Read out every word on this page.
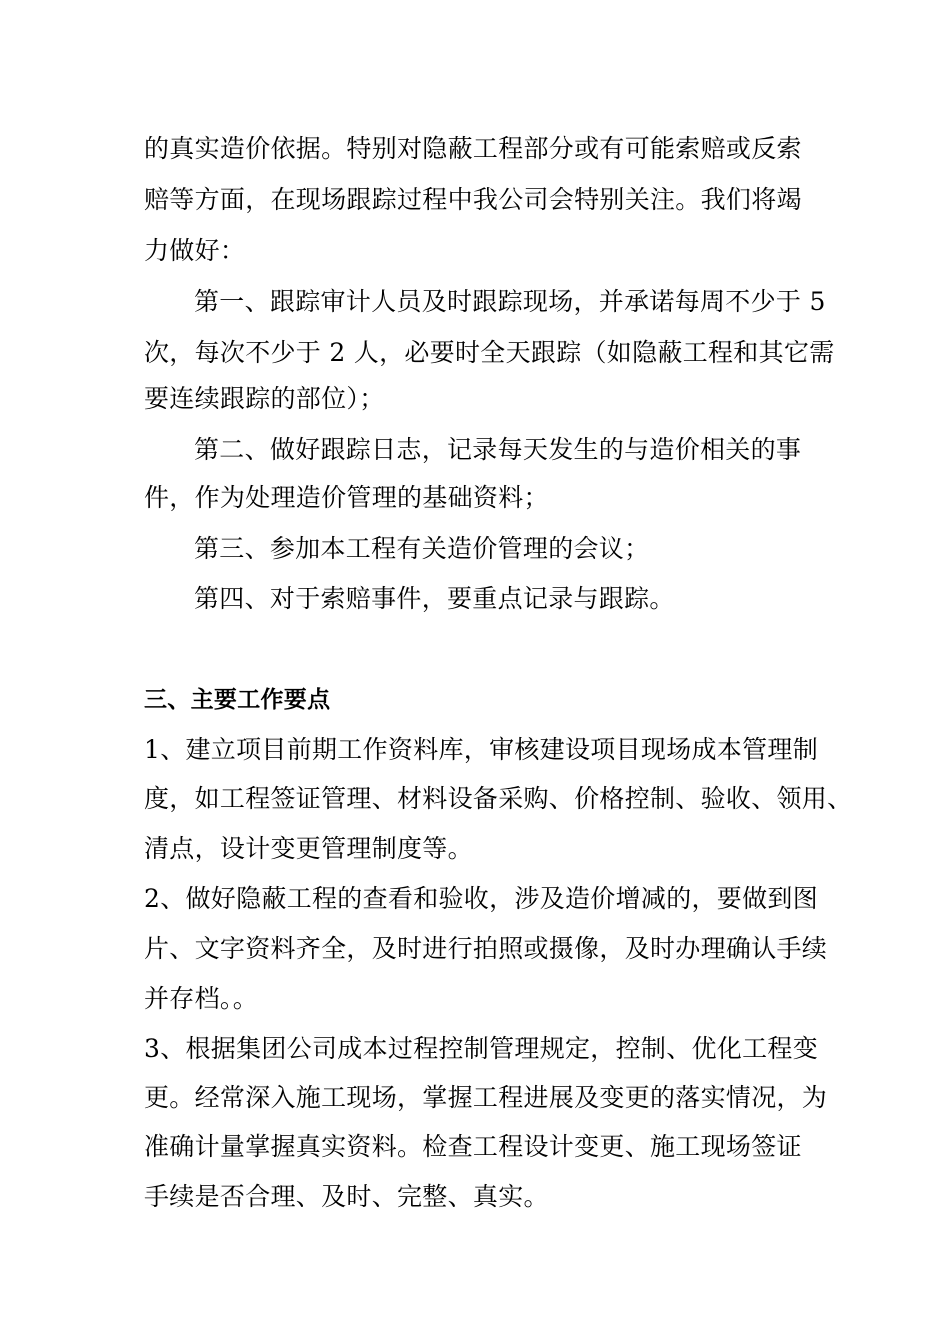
的真实造价依据。特别对隐蔽工程部分或有可能索赔或反索
赔等方面，在现场跟踪过程中我公司会特别关注。我们将竭
力做好：
第一、跟踪审计人员及时跟踪现场，并承诺每周不少于 5
次，每次不少于 2 人，必要时全天跟踪（如隐蔽工程和其它需
要连续跟踪的部位）；
第二、做好跟踪日志，记录每天发生的与造价相关的事
件，作为处理造价管理的基础资料；
第三、参加本工程有关造价管理的会议；
第四、对于索赔事件，要重点记录与跟踪。
三、主要工作要点
1、建立项目前期工作资料库，审核建设项目现场成本管理制
度，如工程签证管理、材料设备采购、价格控制、验收、领用、
清点，设计变更管理制度等。
2、做好隐蔽工程的查看和验收，涉及造价增减的，要做到图
片、文字资料齐全，及时进行拍照或摄像，及时办理确认手续
并存档。。
3、根据集团公司成本过程控制管理规定，控制、优化工程变
更。经常深入施工现场，掌握工程进展及变更的落实情况，为
准确计量掌握真实资料。检查工程设计变更、施工现场签证
手续是否合理、及时、完整、真实。
